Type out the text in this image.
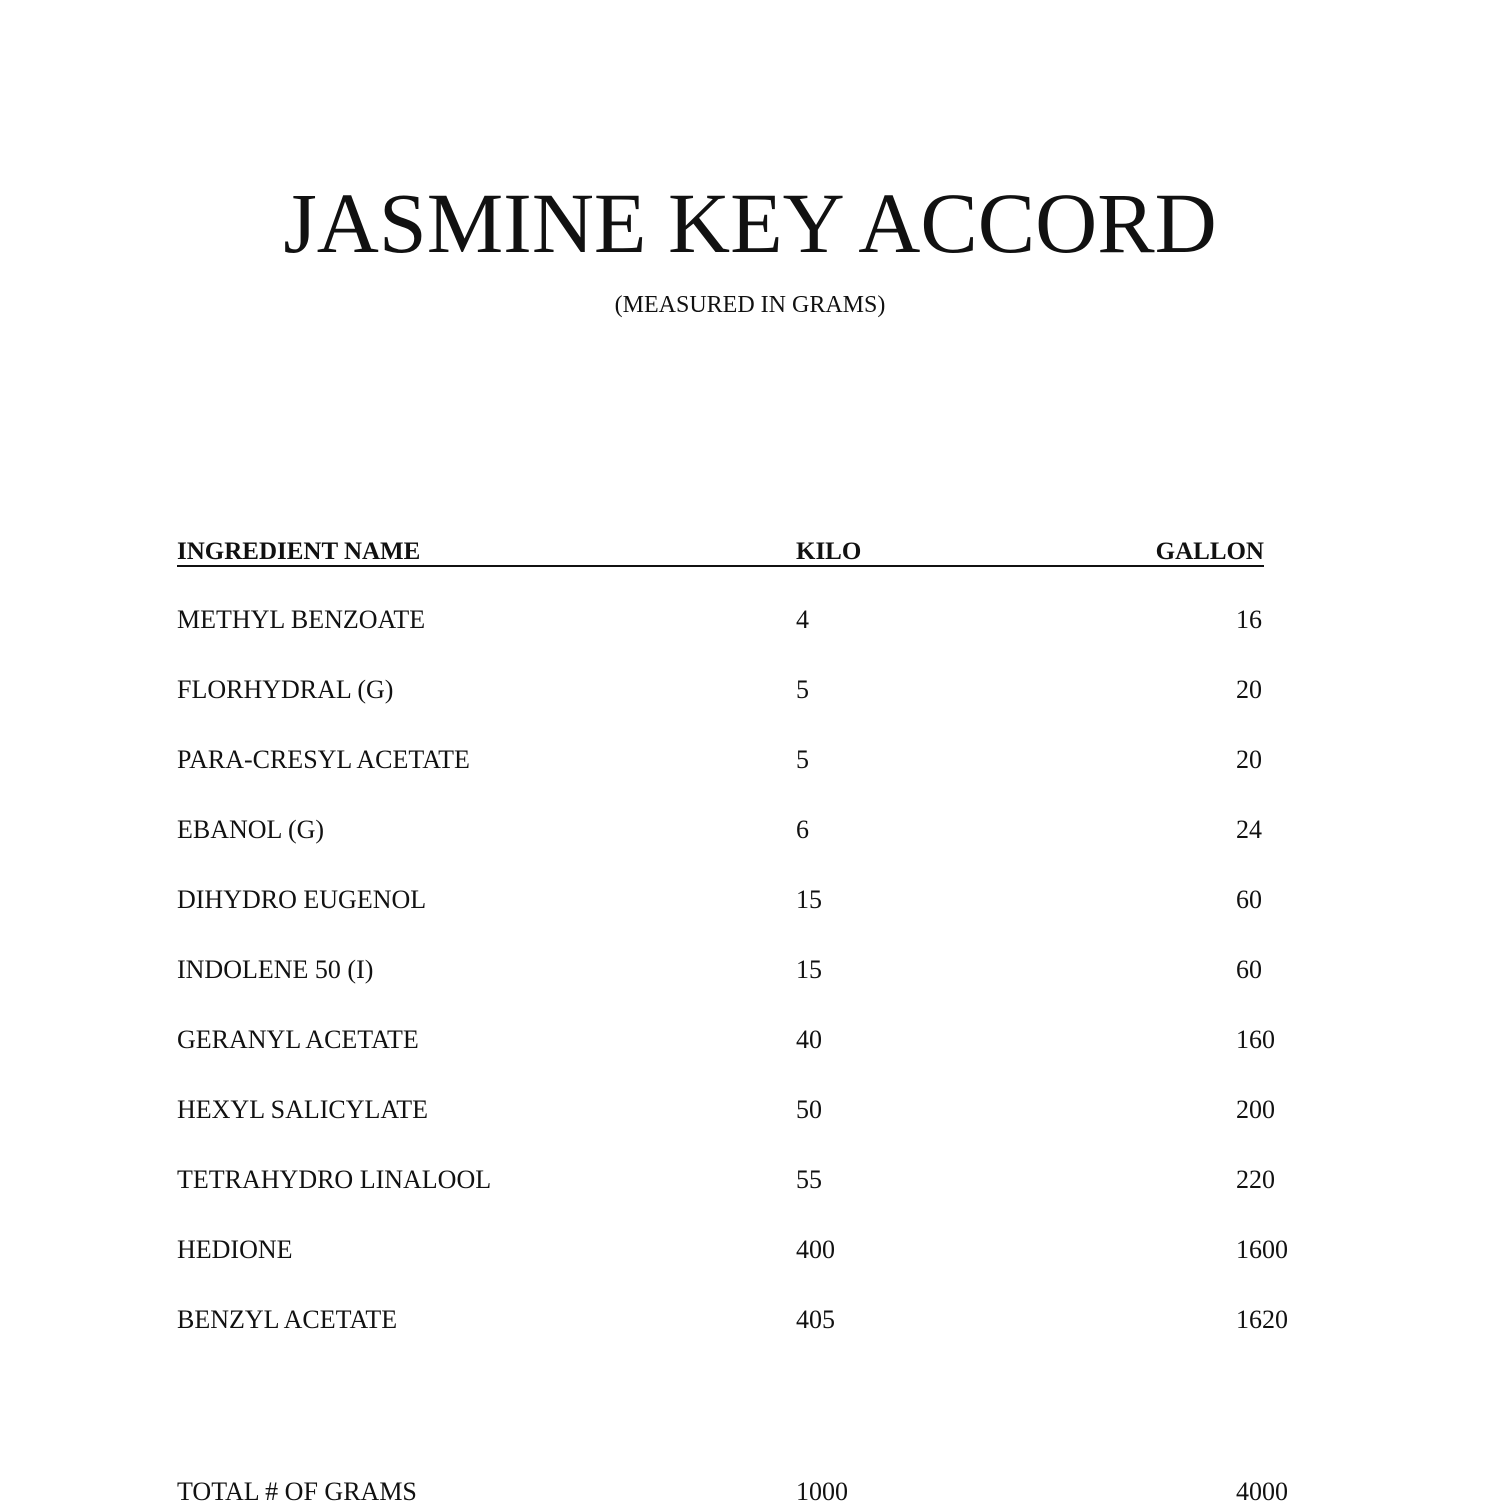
JASMINE KEY ACCORD
(MEASURED IN GRAMS)
INGREDIENT NAME	KILO	GALLON
METHYL BENZOATE	4	16
FLORHYDRAL (G)	5	20
PARA-CRESYL ACETATE	5	20
EBANOL (G)	6	24
DIHYDRO EUGENOL	15	60
INDOLENE 50 (I)	15	60
GERANYL ACETATE	40	160
HEXYL SALICYLATE	50	200
TETRAHYDRO LINALOOL	55	220
HEDIONE	400	1600
BENZYL ACETATE	405	1620
TOTAL # OF GRAMS	1000	4000
